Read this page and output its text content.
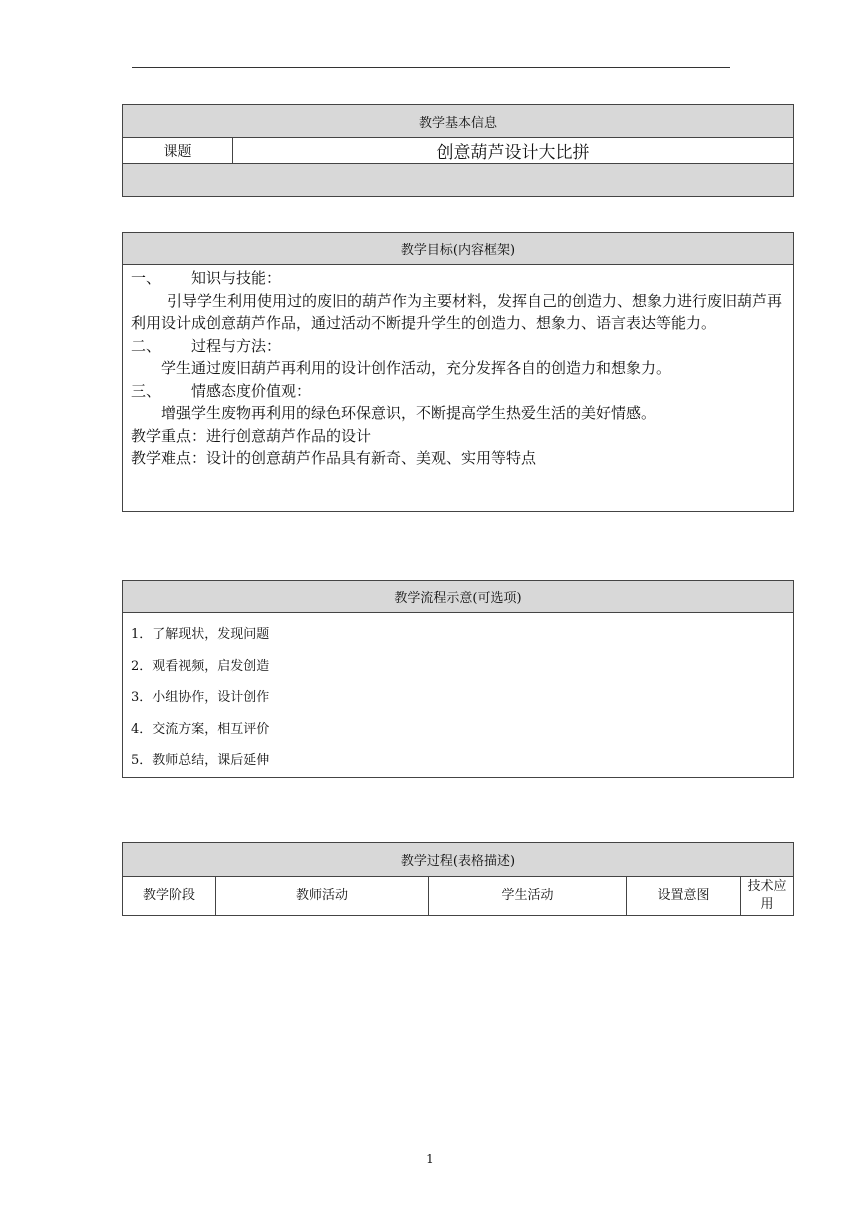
教学基本信息
课题	创意葫芦设计大比拼

教学目标(内容框架)

一、 知识与技能：
引导学生利用使用过的废旧的葫芦作为主要材料，发挥自己的创造力、想象力进行废旧葫芦再利用设计成创意葫芦作品，通过活动不断提升学生的创造力、想象力、语言表达等能力。
二、 过程与方法：
学生通过废旧葫芦再利用的设计创作活动，充分发挥各自的创造力和想象力。
三、 情感态度价值观：
增强学生废物再利用的绿色环保意识，不断提高学生热爱生活的美好情感。
教学重点：进行创意葫芦作品的设计
教学难点：设计的创意葫芦作品具有新奇、美观、实用等特点
教学流程示意(可选项)

1．了解现状，发现问题
2．观看视频，启发创造
3．小组协作，设计创作
4．交流方案，相互评价
5．教师总结，课后延伸
教学过程(表格描述)
教学阶段	教师活动	学生活动	设置意图	技术应用
1
